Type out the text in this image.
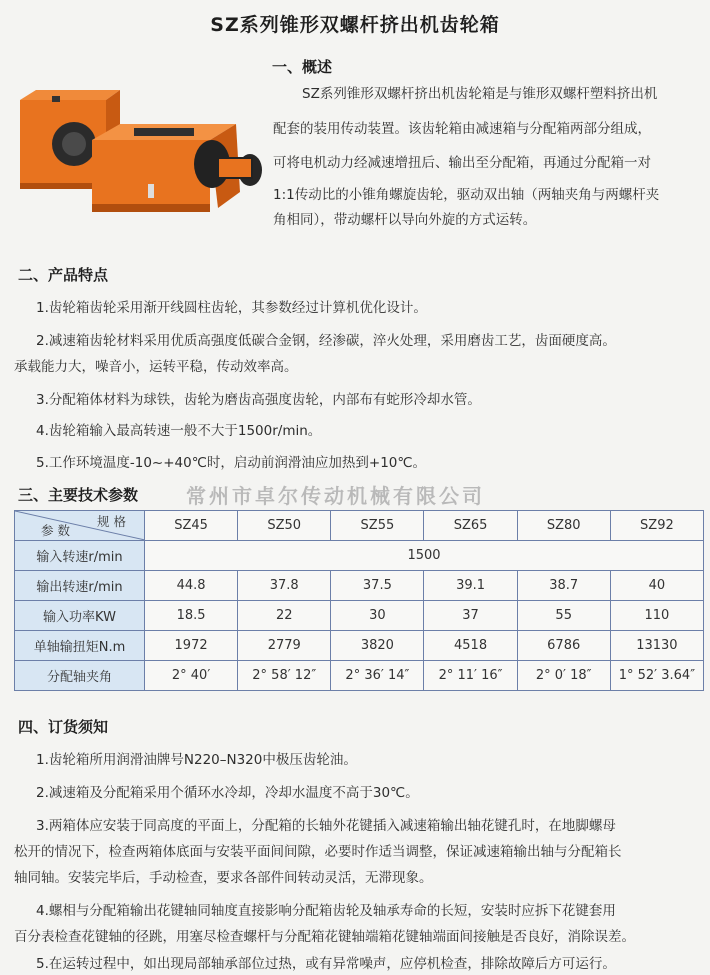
SZ系列锥形双螺杆挤出机齿轮箱
一、概述
SZ系列锥形双螺杆挤出机齿轮箱是与锥形双螺杆塑料挤出机
配套的装用传动装置。该齿轮箱由减速箱与分配箱两部分组成，
可将电机动力经减速增扭后、输出至分配箱，再通过分配箱一对
1:1传动比的小锥角螺旋齿轮，驱动双出轴（两轴夹角与两螺杆夹
角相同），带动螺杆以导向外旋的方式运转。
二、产品特点
1.齿轮箱齿轮采用渐开线圆柱齿轮，其参数经过计算机优化设计。
2.减速箱齿轮材料采用优质高强度低碳合金钢，经渗碳，淬火处理，采用磨齿工艺，齿面硬度高。
承载能力大，噪音小，运转平稳，传动效率高。
3.分配箱体材料为球铁，齿轮为磨齿高强度齿轮，内部布有蛇形冷却水管。
4.齿轮箱输入最高转速一般不大于1500r/min。
5.工作环境温度-10~+40℃时，启动前润滑油应加热到+10℃。
三、主要技术参数 常州市卓尔传动机械有限公司
规 格
参 数	SZ45	SZ50	SZ55	SZ65	SZ80	SZ92
输入转速r/min	1500					
输出转速r/min	44.8	37.8	37.5	39.1	38.7	40
输入功率KW	18.5	22	30	37	55	110
单轴输扭矩N.m	1972	2779	3820	4518	6786	13130
分配轴夹角	2° 40′	2° 58′ 12″	2° 36′ 14″	2° 11′ 16″	2° 0′ 18″	1° 52′ 3.64″
四、订货须知
1.齿轮箱所用润滑油牌号N220–N320中极压齿轮油。
2.减速箱及分配箱采用个循环水冷却，冷却水温度不高于30℃。
3.两箱体应安装于同高度的平面上，分配箱的长轴外花键插入减速箱输出轴花键孔时，在地脚螺母
松开的情况下，检查两箱体底面与安装平面间间隙，必要时作适当调整，保证减速箱输出轴与分配箱长
轴同轴。安装完毕后，手动检查，要求各部件间转动灵活，无滞现象。
4.螺相与分配箱输出花键轴同轴度直接影响分配箱齿轮及轴承寿命的长短，安装时应拆下花键套用
百分表检查花键轴的径跳，用塞尽检查螺杆与分配箱花键轴端箱花键轴端面间接触是否良好，消除误差。
5.在运转过程中，如出现局部轴承部位过热，或有异常噪声，应停机检查，排除故障后方可运行。
